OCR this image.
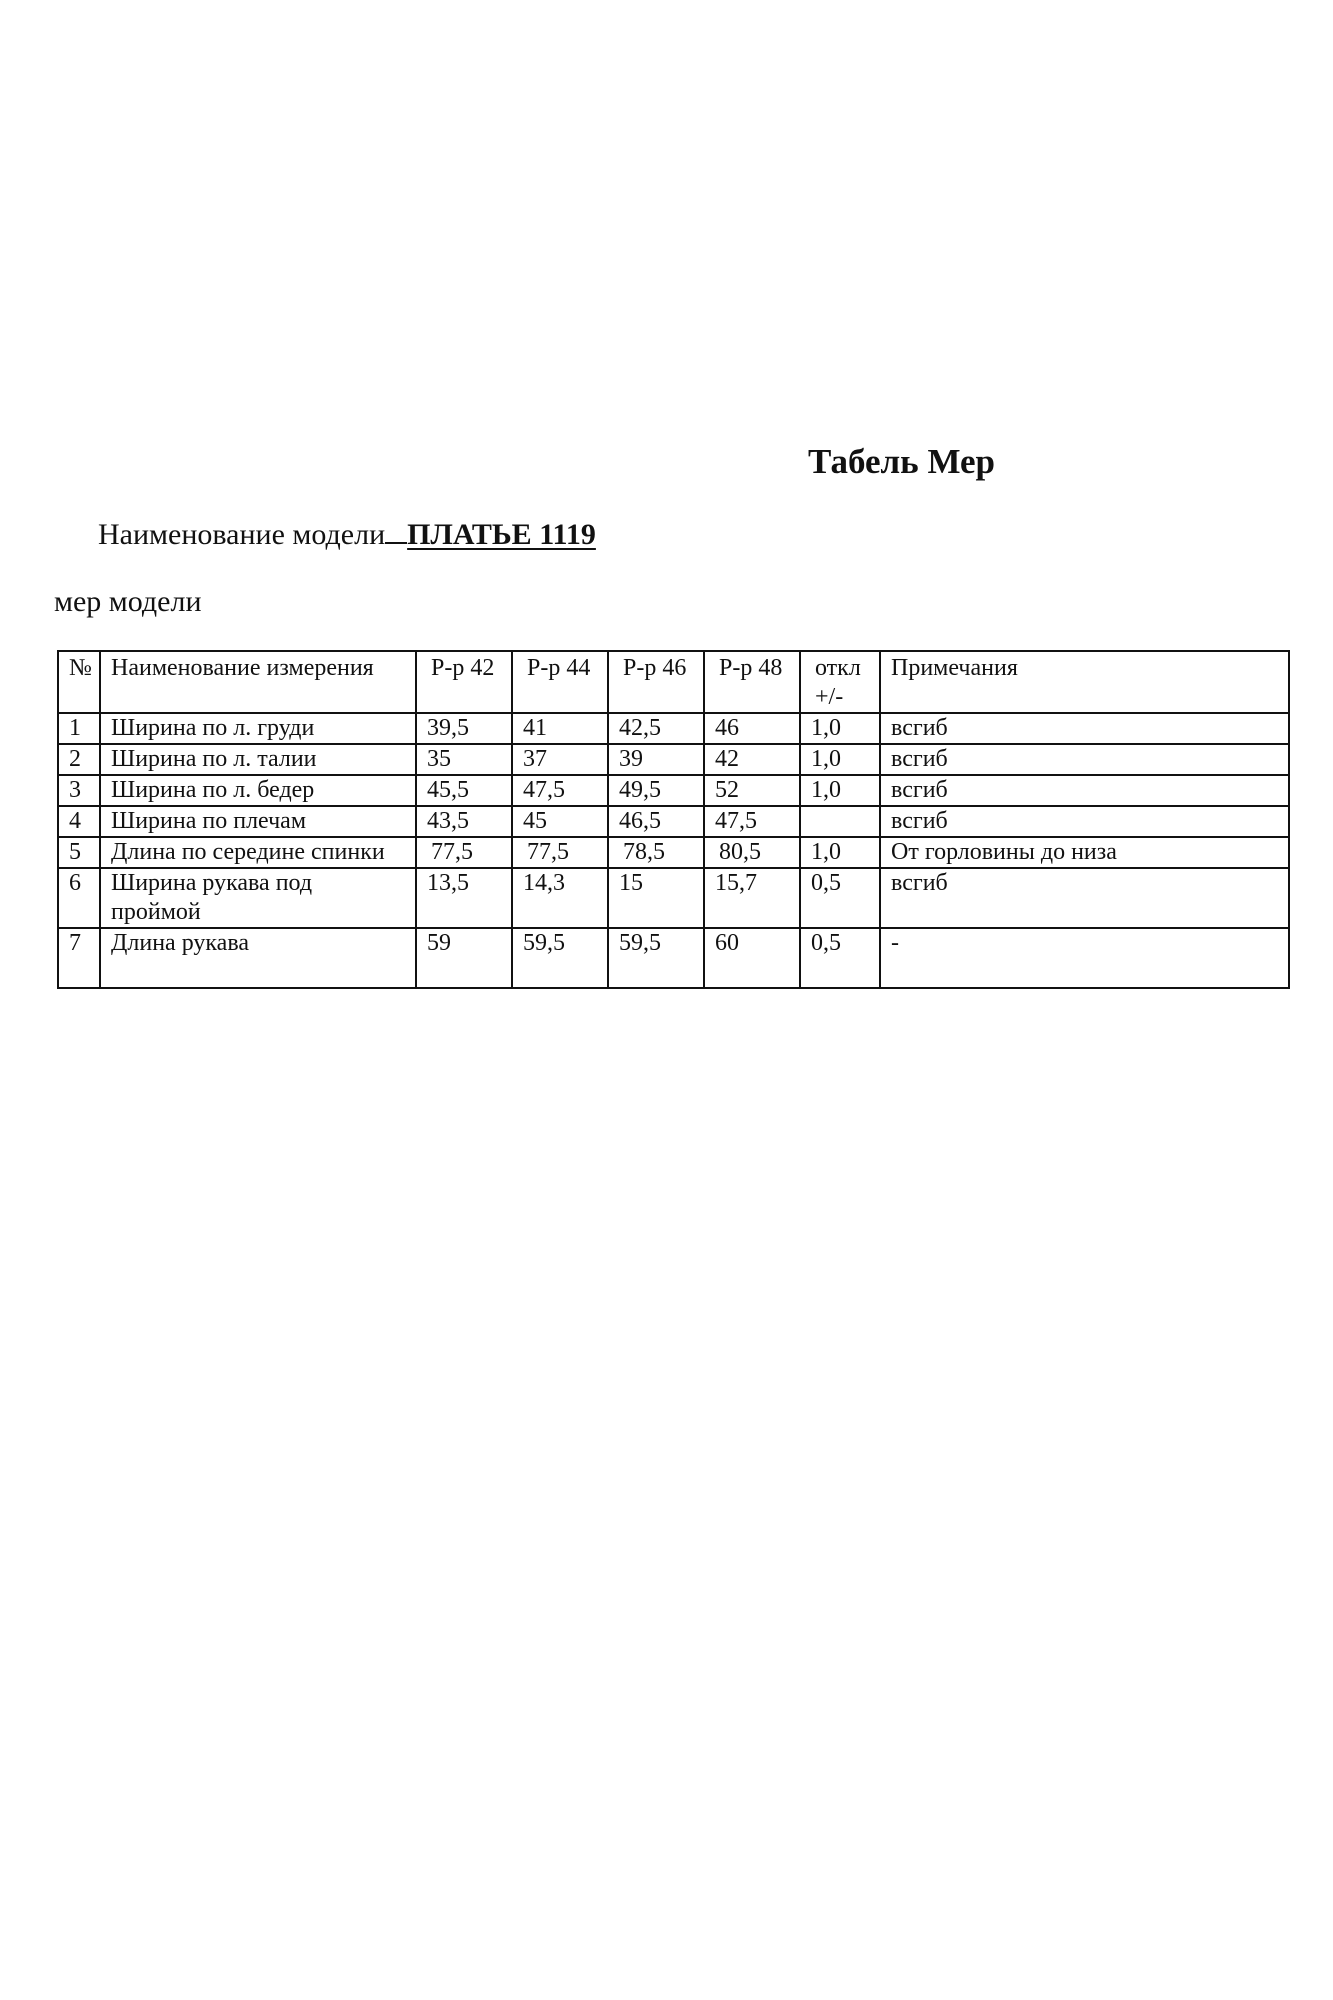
Табель Мер
Наименование модели ПЛАТЬЕ 1119
мер модели
№	Наименование измерения	Р-р 42	Р-р 44	Р-р 46	Р-р 48	откл +/-	Примечания
1	Ширина по л. груди	39,5	41	42,5	46	1,0	всгиб
2	Ширина по л. талии	35	37	39	42	1,0	всгиб
3	Ширина по л. бедер	45,5	47,5	49,5	52	1,0	всгиб
4	Ширина по плечам	43,5	45	46,5	47,5		всгиб
5	Длина по середине спинки	77,5	77,5	78,5	80,5	1,0	От горловины до низа
6	Ширина рукава под проймой	13,5	14,3	15	15,7	0,5	всгиб
7	Длина рукава	59	59,5	59,5	60	0,5	-
